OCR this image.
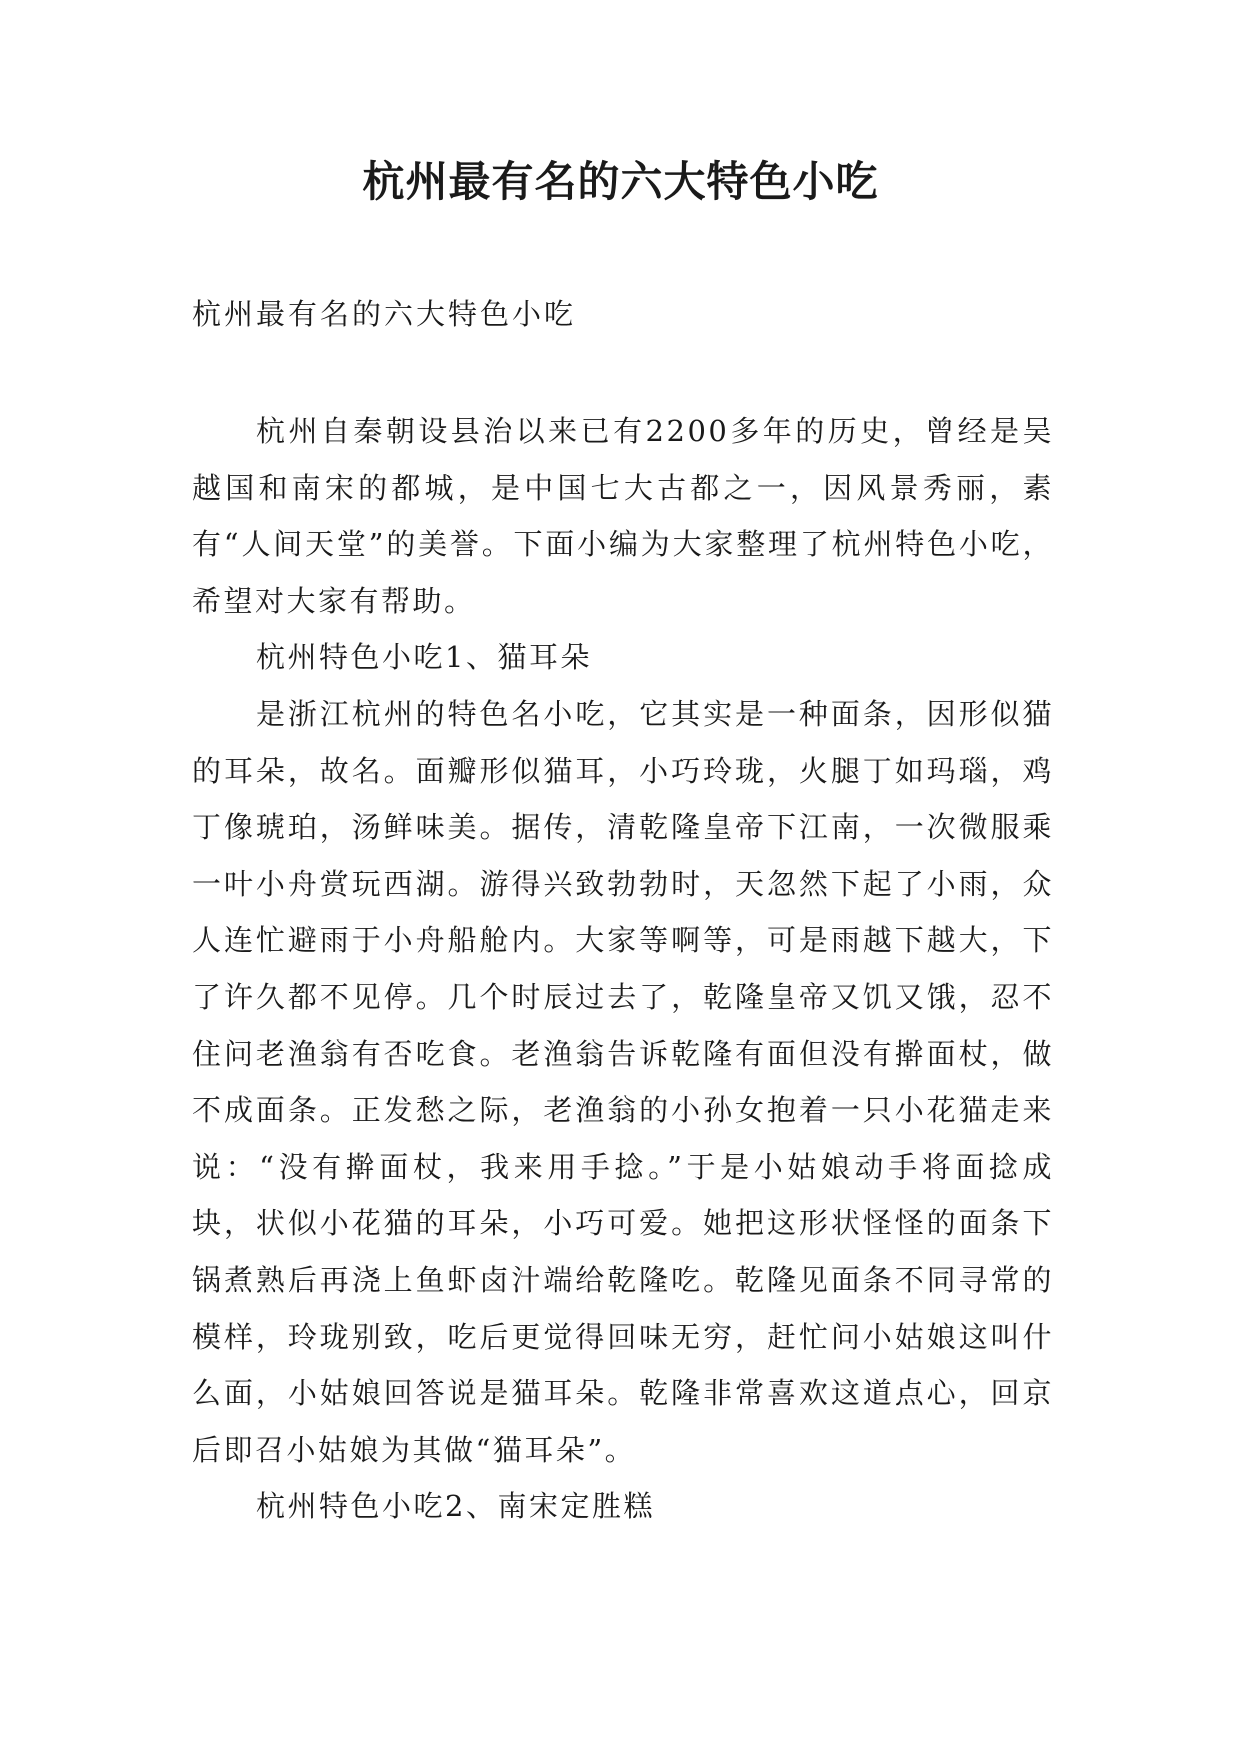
杭州最有名的六大特色小吃

杭州最有名的六大特色小吃

杭州自秦朝设县治以来已有2200多年的历史，曾经是吴越国和南宋的都城，是中国七大古都之一，因风景秀丽，素有“人间天堂”的美誉。下面小编为大家整理了杭州特色小吃，希望对大家有帮助。

杭州特色小吃1、猫耳朵

是浙江杭州的特色名小吃，它其实是一种面条，因形似猫的耳朵，故名。面瓣形似猫耳，小巧玲珑，火腿丁如玛瑙，鸡丁像琥珀，汤鲜味美。据传，清乾隆皇帝下江南，一次微服乘一叶小舟赏玩西湖。游得兴致勃勃时，天忽然下起了小雨，众人连忙避雨于小舟船舱内。大家等啊等，可是雨越下越大，下了许久都不见停。几个时辰过去了，乾隆皇帝又饥又饿，忍不住问老渔翁有否吃食。老渔翁告诉乾隆有面但没有擀面杖，做不成面条。正发愁之际，老渔翁的小孙女抱着一只小花猫走来说：“没有擀面杖，我来用手捻。”于是小姑娘动手将面捻成块，状似小花猫的耳朵，小巧可爱。她把这形状怪怪的面条下锅煮熟后再浇上鱼虾卤汁端给乾隆吃。乾隆见面条不同寻常的模样，玲珑别致，吃后更觉得回味无穷，赶忙问小姑娘这叫什么面，小姑娘回答说是猫耳朵。乾隆非常喜欢这道点心，回京后即召小姑娘为其做“猫耳朵”。

杭州特色小吃2、南宋定胜糕
